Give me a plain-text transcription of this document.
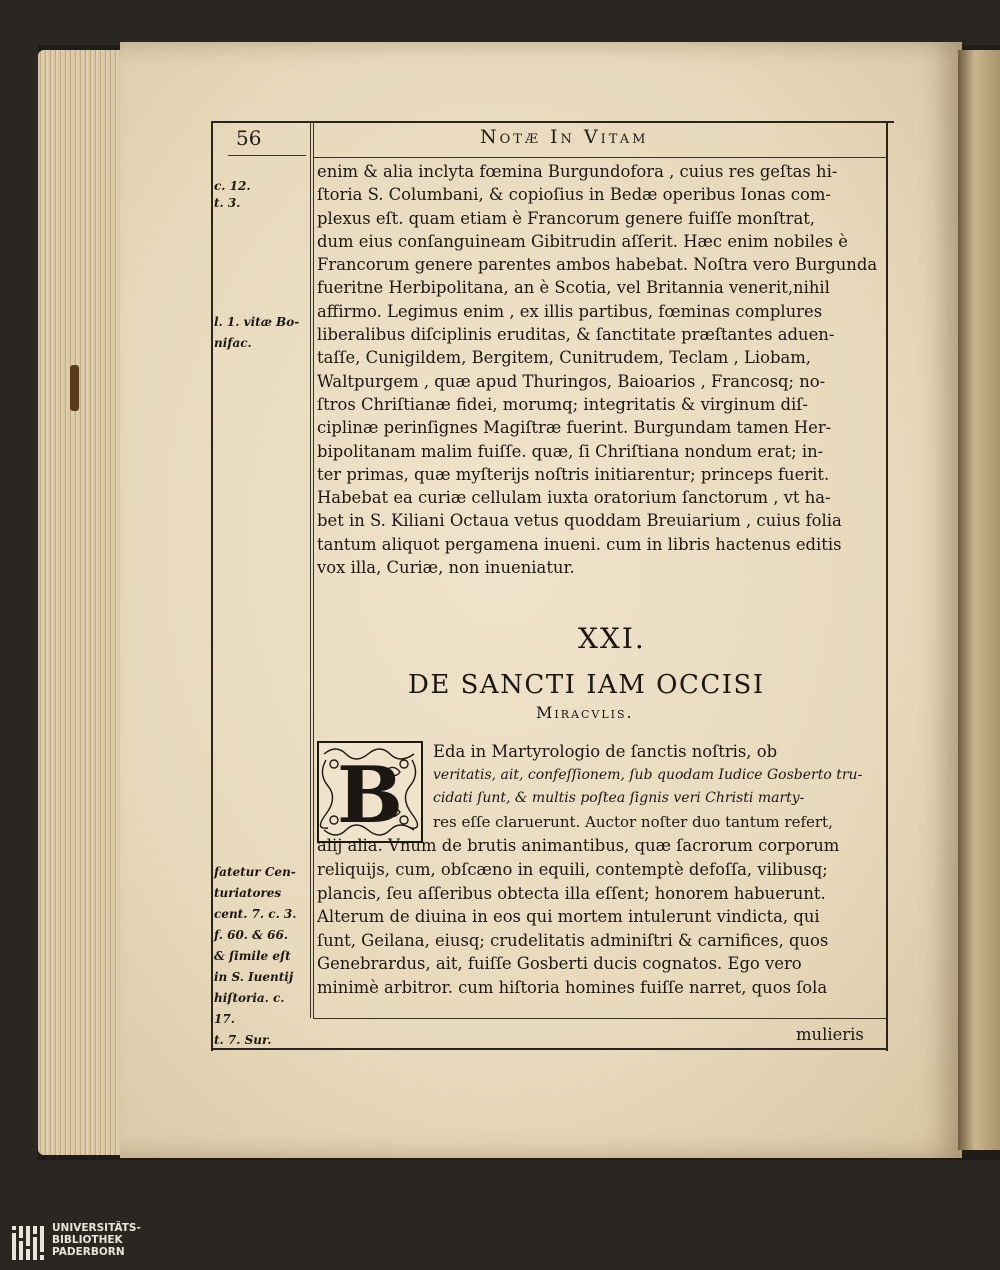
56	Notæ In Vitam
enim & alia inclyta fœmina Burgundofora , cuius res geſtas hi-
ſtoria S. Columbani, & copioſius in Bedæ operibus Ionas com-
plexus eſt. quam etiam è Francorum genere fuiſſe monſtrat,
dum eius conſanguineam Gibitrudin aſſerit. Hæc enim nobiles è
Francorum genere parentes ambos habebat. Noſtra vero Burgunda
fueritne Herbipolitana, an è Scotia, vel Britannia venerit,nihil
affirmo. Legimus enim , ex illis partibus, fœminas complures
liberalibus diſciplinis eruditas, & ſanctitate præſtantes aduen-
taſſe, Cunigildem, Bergitem, Cunitrudem, Teclam , Liobam,
Waltpurgem , quæ apud Thuringos, Baioarios , Francosq; no-
ſtros Chriſtianæ fidei, morumq; integritatis & virginum diſ-
ciplinæ perinſignes Magiſtræ fuerint. Burgundam tamen Her-
bipolitanam malim fuiſſe. quæ, ſi Chriſtiana nondum erat; in-
ter primas, quæ myſterijs noſtris initiarentur; princeps fuerit.
Habebat ea curiæ cellulam iuxta oratorium ſanctorum , vt ha-
bet in S. Kiliani Octaua vetus quoddam Breuiarium , cuius folia
tantum aliquot pergamena inueni. cum in libris hactenus editis
vox illa, Curiæ, non inueniatur.
XXI.
DE SANCTI IAM OCCISI
Miracvlis.
B	Eda in Martyrologio de ſanctis noſtris, ob
veritatis, ait, confeſſionem, ſub quodam Iudice Gosberto tru-
cidati ſunt, & multis poſtea ſignis veri Christi marty-
res eſſe claruerunt. Auctor noſter duo tantum refert,
alij alia. Vnum de brutis animantibus, quæ ſacrorum corporum
reliquijs, cum, obſcæno in equili, contemptè defoſſa, vilibusq;
plancis, ſeu aſſeribus obtecta illa eſſent; honorem habuerunt.
Alterum de diuina in eos qui mortem intulerunt vindicta, qui
ſunt, Geilana, eiusq; crudelitatis adminiſtri & carnifices, quos
Genebrardus, ait, fuiſſe Gosberti ducis cognatos. Ego vero
minimè arbitror. cum hiſtoria homines fuiſſe narret, quos ſola
c. 12.
t. 3.
l. 1. vitæ Bo-
nifac.
fatetur Cen-
turiatores
cent. 7. c. 3.
f. 60. & 66.
& ſimile eſt
in S. Iuentij
hiſtoria. c. 17.
t. 7. Sur.	mulieris
UNIVERSITÄTS-
BIBLIOTHEK
PADERBORN
